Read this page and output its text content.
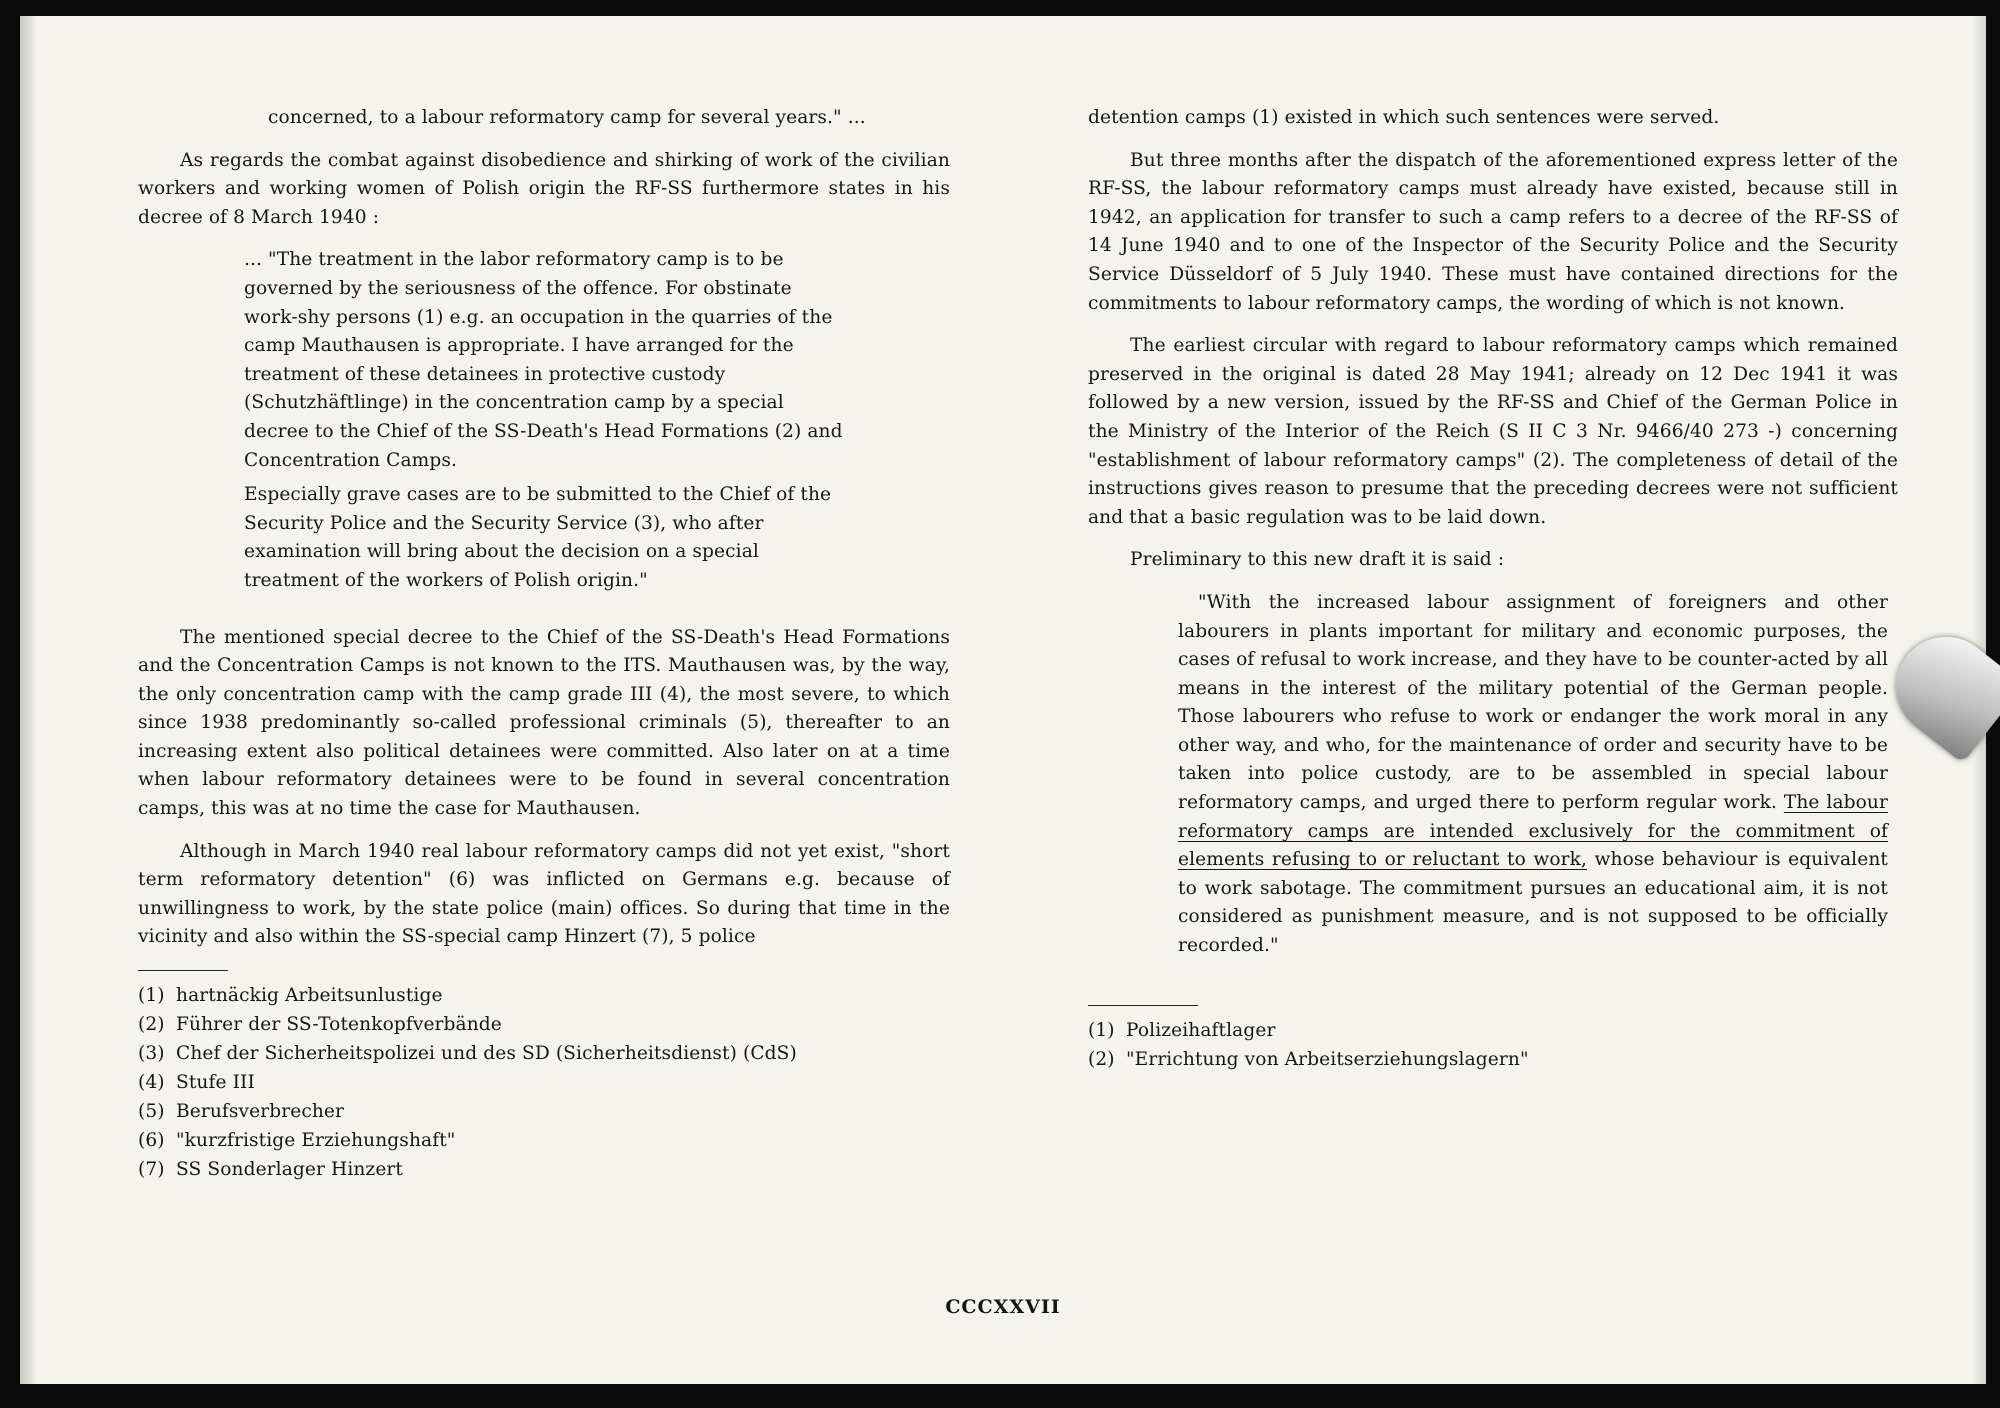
concerned, to a labour reformatory camp for several years." ...

As regards the combat against disobedience and shirking of work of the civilian workers and working women of Polish origin the RF-SS furthermore states in his decree of 8 March 1940 :

... "The treatment in the labor reformatory camp is to be governed by the seriousness of the offence. For obstinate work-shy persons (1) e.g. an occupation in the quarries of the camp Mauthausen is appropriate. I have arranged for the treatment of these detainees in protective custody (Schutzhäftlinge) in the concentration camp by a special decree to the Chief of the SS-Death's Head Formations (2) and Concentration Camps.

Especially grave cases are to be submitted to the Chief of the Security Police and the Security Service (3), who after examination will bring about the decision on a special treatment of the workers of Polish origin."

The mentioned special decree to the Chief of the SS-Death's Head Formations and the Concentration Camps is not known to the ITS. Mauthausen was, by the way, the only concentration camp with the camp grade III (4), the most severe, to which since 1938 predominantly so-called professional criminals (5), thereafter to an increasing extent also political detainees were committed. Also later on at a time when labour reformatory detainees were to be found in several concentration camps, this was at no time the case for Mauthausen.

Although in March 1940 real labour reformatory camps did not yet exist, "short term reformatory detention" (6) was inflicted on Germans e.g. because of unwillingness to work, by the state police (main) offices. So during that time in the vicinity and also within the SS-special camp Hinzert (7), 5 police

(1) hartnäckig Arbeitsunlustige
(2) Führer der SS-Totenkopfverbände
(3) Chef der Sicherheitspolizei und des SD (Sicherheitsdienst) (CdS)
(4) Stufe III
(5) Berufsverbrecher
(6) "kurzfristige Erziehungshaft"
(7) SS Sonderlager Hinzert

detention camps (1) existed in which such sentences were served.

But three months after the dispatch of the aforementioned express letter of the RF-SS, the labour reformatory camps must already have existed, because still in 1942, an application for transfer to such a camp refers to a decree of the RF-SS of 14 June 1940 and to one of the Inspector of the Security Police and the Security Service Düsseldorf of 5 July 1940. These must have contained directions for the commitments to labour reformatory camps, the wording of which is not known.

The earliest circular with regard to labour reformatory camps which remained preserved in the original is dated 28 May 1941; already on 12 Dec 1941 it was followed by a new version, issued by the RF-SS and Chief of the German Police in the Ministry of the Interior of the Reich (S II C 3 Nr. 9466/40 273 -) concerning "establishment of labour reformatory camps" (2). The completeness of detail of the instructions gives reason to presume that the preceding decrees were not sufficient and that a basic regulation was to be laid down.

Preliminary to this new draft it is said :

"With the increased labour assignment of foreigners and other labourers in plants important for military and economic purposes, the cases of refusal to work increase, and they have to be counter-acted by all means in the interest of the military potential of the German people. Those labourers who refuse to work or endanger the work moral in any other way, and who, for the maintenance of order and security have to be taken into police custody, are to be assembled in special labour reformatory camps, and urged there to perform regular work. The labour reformatory camps are intended exclusively for the commitment of elements refusing to or reluctant to work, whose behaviour is equivalent to work sabotage. The commitment pursues an educational aim, it is not considered as punishment measure, and is not supposed to be officially recorded."

(1) Polizeihaftlager
(2) "Errichtung von Arbeitserziehungslagern"
CCCXXVII
